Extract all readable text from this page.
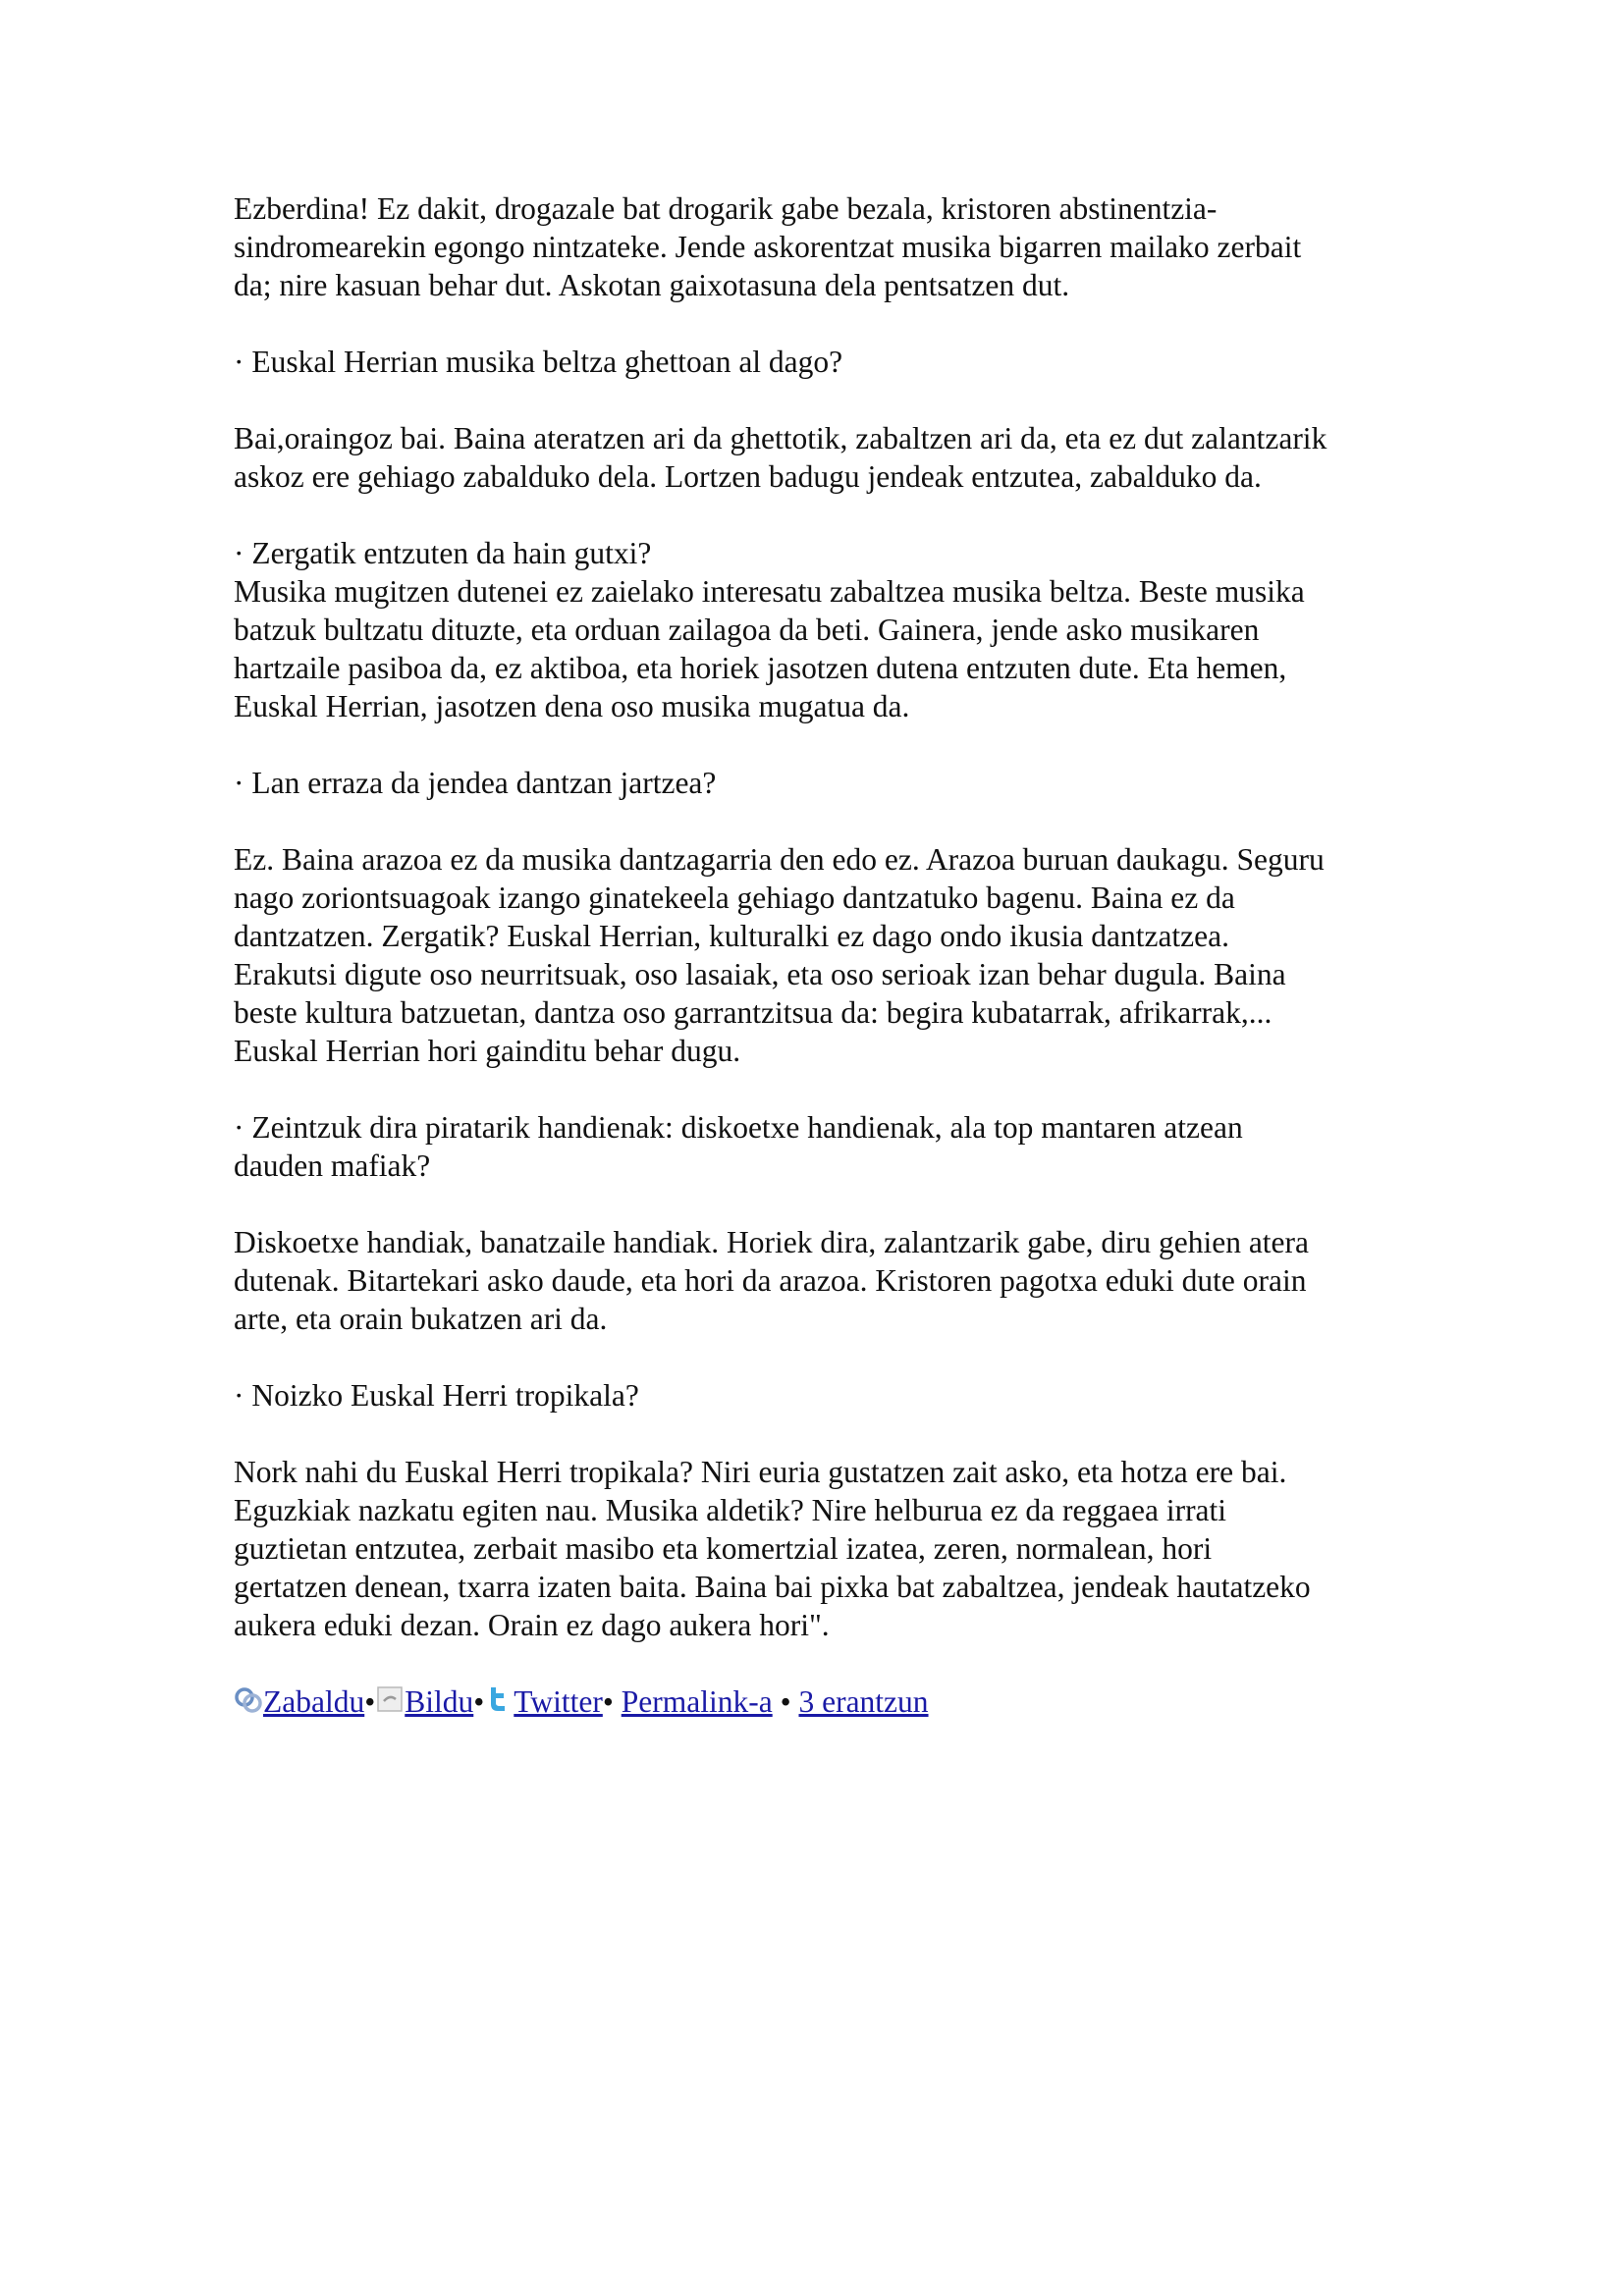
Ezberdina! Ez dakit, drogazale bat drogarik gabe bezala, kristoren abstinentzia-
sindromearekin egongo nintzateke. Jende askorentzat musika bigarren mailako zerbait
da; nire kasuan behar dut. Askotan gaixotasuna dela pentsatzen dut.
· Euskal Herrian musika beltza ghettoan al dago?
Bai,oraingoz bai. Baina ateratzen ari da ghettotik, zabaltzen ari da, eta ez dut zalantzarik
askoz ere gehiago zabalduko dela. Lortzen badugu jendeak entzutea, zabalduko da.
· Zergatik entzuten da hain gutxi?
Musika mugitzen dutenei ez zaielako interesatu zabaltzea musika beltza. Beste musika
batzuk bultzatu dituzte, eta orduan zailagoa da beti. Gainera, jende asko musikaren
hartzaile pasiboa da, ez aktiboa, eta horiek jasotzen dutena entzuten dute. Eta hemen,
Euskal Herrian, jasotzen dena oso musika mugatua da.
· Lan erraza da jendea dantzan jartzea?
Ez. Baina arazoa ez da musika dantzagarria den edo ez. Arazoa buruan daukagu. Seguru
nago zoriontsuagoak izango ginatekeela gehiago dantzatuko bagenu. Baina ez da
dantzatzen. Zergatik? Euskal Herrian, kulturalki ez dago ondo ikusia dantzatzea.
Erakutsi digute oso neurritsuak, oso lasaiak, eta oso serioak izan behar dugula. Baina
beste kultura batzuetan, dantza oso garrantzitsua da: begira kubatarrak, afrikarrak,...
Euskal Herrian hori gainditu behar dugu.
· Zeintzuk dira piratarik handienak: diskoetxe handienak, ala top mantaren atzean
dauden mafiak?
Diskoetxe handiak, banatzaile handiak. Horiek dira, zalantzarik gabe, diru gehien atera
dutenak. Bitartekari asko daude, eta hori da arazoa. Kristoren pagotxa eduki dute orain
arte, eta orain bukatzen ari da.
· Noizko Euskal Herri tropikala?
Nork nahi du Euskal Herri tropikala? Niri euria gustatzen zait asko, eta hotza ere bai.
Eguzkiak nazkatu egiten nau. Musika aldetik? Nire helburua ez da reggaea irrati
guztietan entzutea, zerbait masibo eta komertzial izatea, zeren, normalean, hori
gertatzen denean, txarra izaten baita. Baina bai pixka bat zabaltzea, jendeak hautatzeko
aukera eduki dezan. Orain ez dago aukera hori".
Zabaldu• Bildu• Twitter• Permalink-a • 3 erantzun
